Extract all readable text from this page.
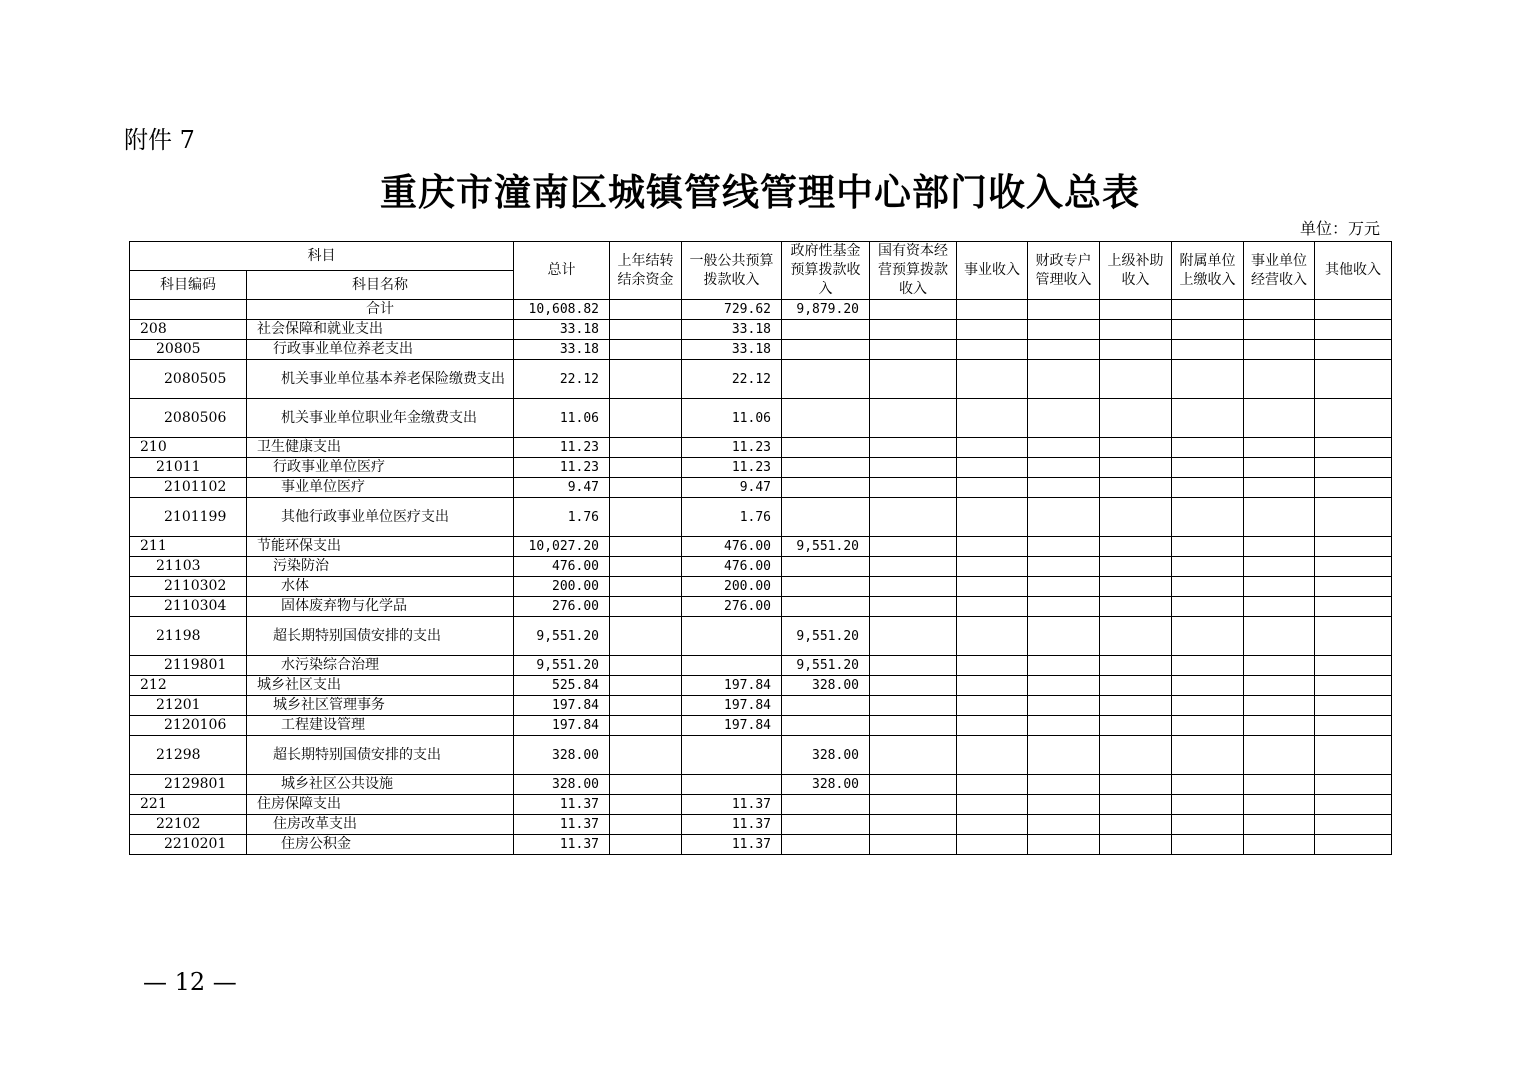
附件 7
重庆市潼南区城镇管线管理中心部门收入总表
单位：万元
科目		总计	上年结转结余资金	一般公共预算拨款收入	政府性基金预算拨款收入	国有资本经营预算拨款收入	事业收入	财政专户管理收入	上级补助收入	附属单位上缴收入	事业单位经营收入	其他收入	
科目编码	科目名称												
	合计	10,608.82		729.62	9,879.20									
208	社会保障和就业支出	33.18		33.18										
20805	行政事业单位养老支出	33.18		33.18										
2080505	机关事业单位基本养老保险缴费支出	22.12		22.12										
2080506	机关事业单位职业年金缴费支出	11.06		11.06										
210	卫生健康支出	11.23		11.23										
21011	行政事业单位医疗	11.23		11.23										
2101102	事业单位医疗	9.47		9.47										
2101199	其他行政事业单位医疗支出	1.76		1.76										
211	节能环保支出	10,027.20		476.00	9,551.20									
21103	污染防治	476.00		476.00										
2110302	水体	200.00		200.00										
2110304	固体废弃物与化学品	276.00		276.00										
21198	超长期特别国债安排的支出	9,551.20			9,551.20									
2119801	水污染综合治理	9,551.20			9,551.20									
212	城乡社区支出	525.84		197.84	328.00									
21201	城乡社区管理事务	197.84		197.84										
2120106	工程建设管理	197.84		197.84										
21298	超长期特别国债安排的支出	328.00			328.00									
2129801	城乡社区公共设施	328.00			328.00									
221	住房保障支出	11.37		11.37										
22102	住房改革支出	11.37		11.37										
2210201	住房公积金	11.37		11.37										
— 12 —
